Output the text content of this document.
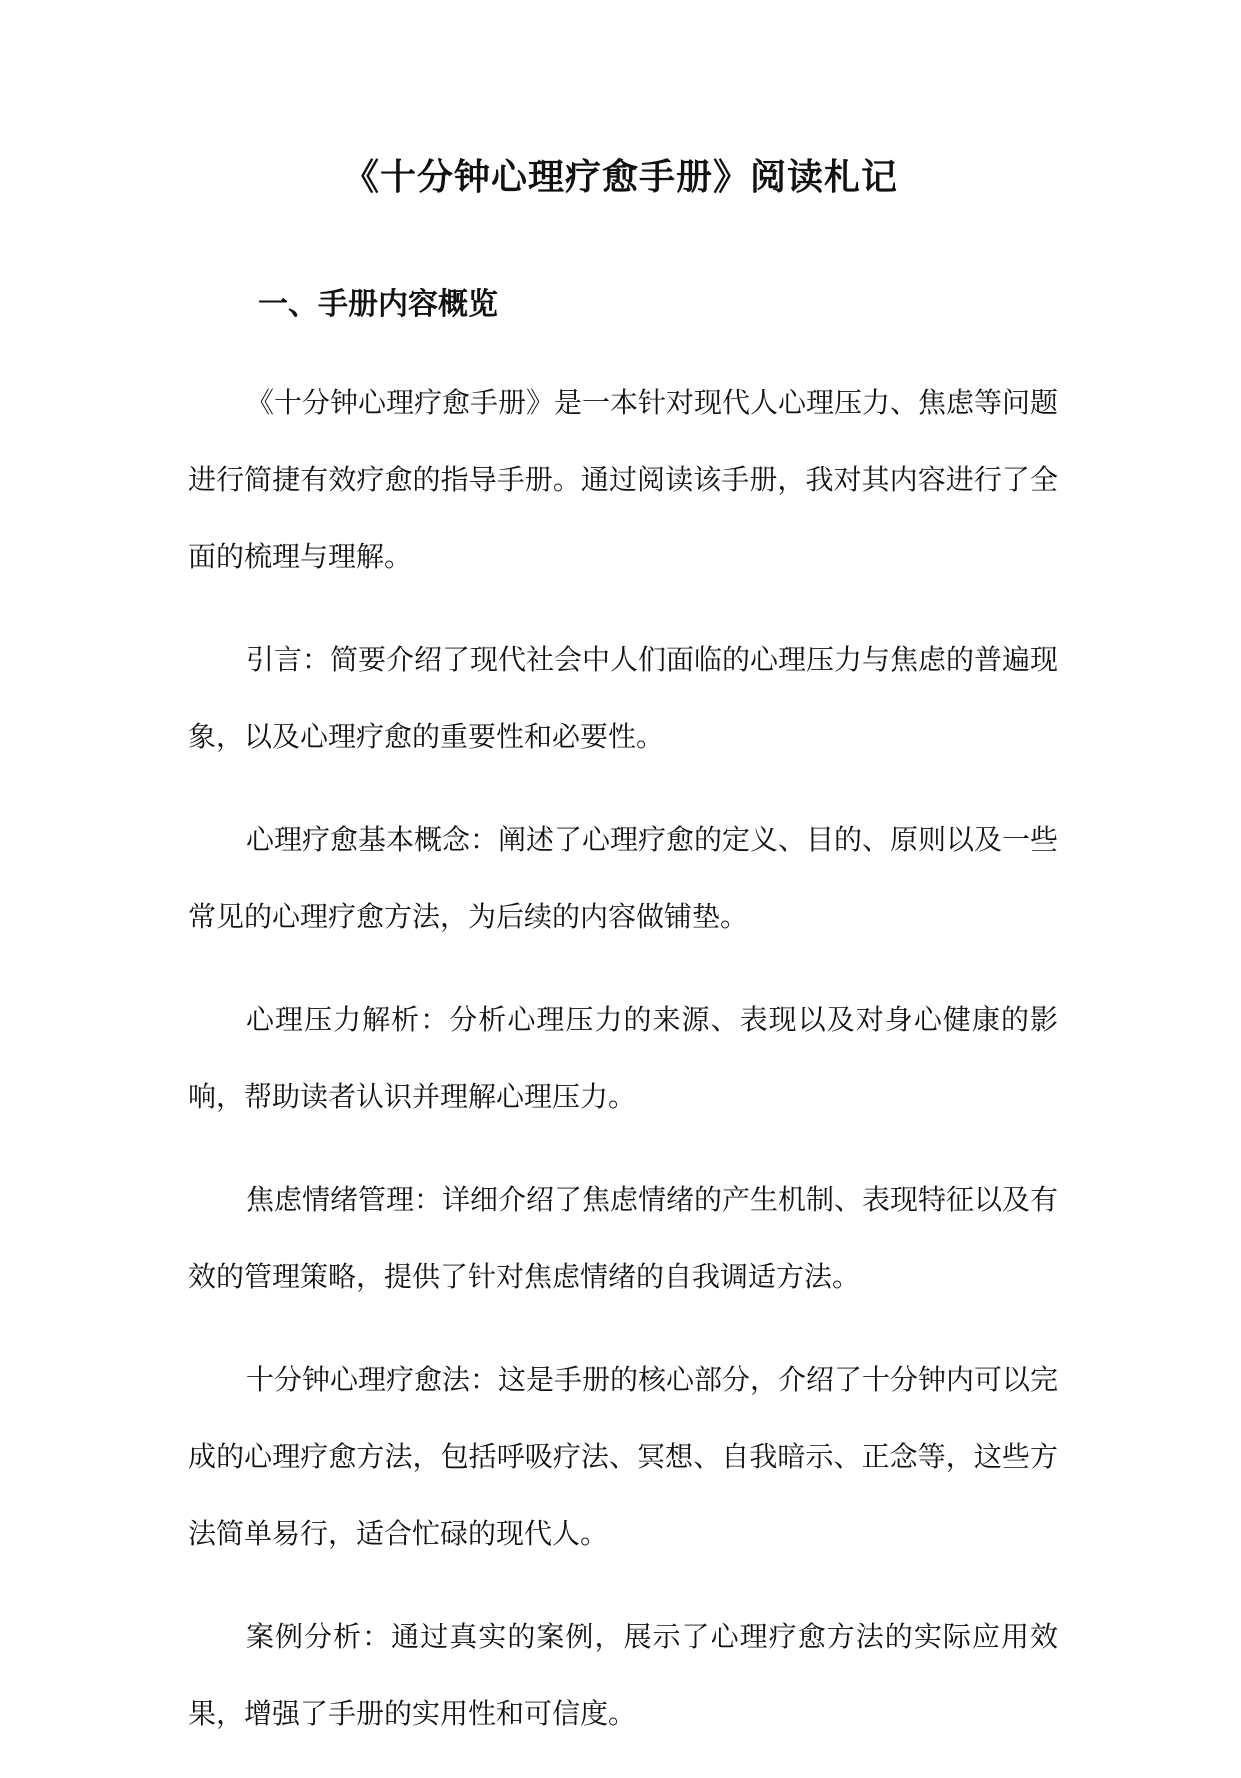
《十分钟心理疗愈手册》阅读札记
一、手册内容概览

《十分钟心理疗愈手册》是一本针对现代人心理压力、焦虑等问题进行简捷有效疗愈的指导手册。通过阅读该手册，我对其内容进行了全面的梳理与理解。

引言：简要介绍了现代社会中人们面临的心理压力与焦虑的普遍现象，以及心理疗愈的重要性和必要性。

心理疗愈基本概念：阐述了心理疗愈的定义、目的、原则以及一些常见的心理疗愈方法，为后续的内容做铺垫。

心理压力解析：分析心理压力的来源、表现以及对身心健康的影响，帮助读者认识并理解心理压力。

焦虑情绪管理：详细介绍了焦虑情绪的产生机制、表现特征以及有效的管理策略，提供了针对焦虑情绪的自我调适方法。

十分钟心理疗愈法：这是手册的核心部分，介绍了十分钟内可以完成的心理疗愈方法，包括呼吸疗法、冥想、自我暗示、正念等，这些方法简单易行，适合忙碌的现代人。

案例分析：通过真实的案例，展示了心理疗愈方法的实际应用效果，增强了手册的实用性和可信度。
